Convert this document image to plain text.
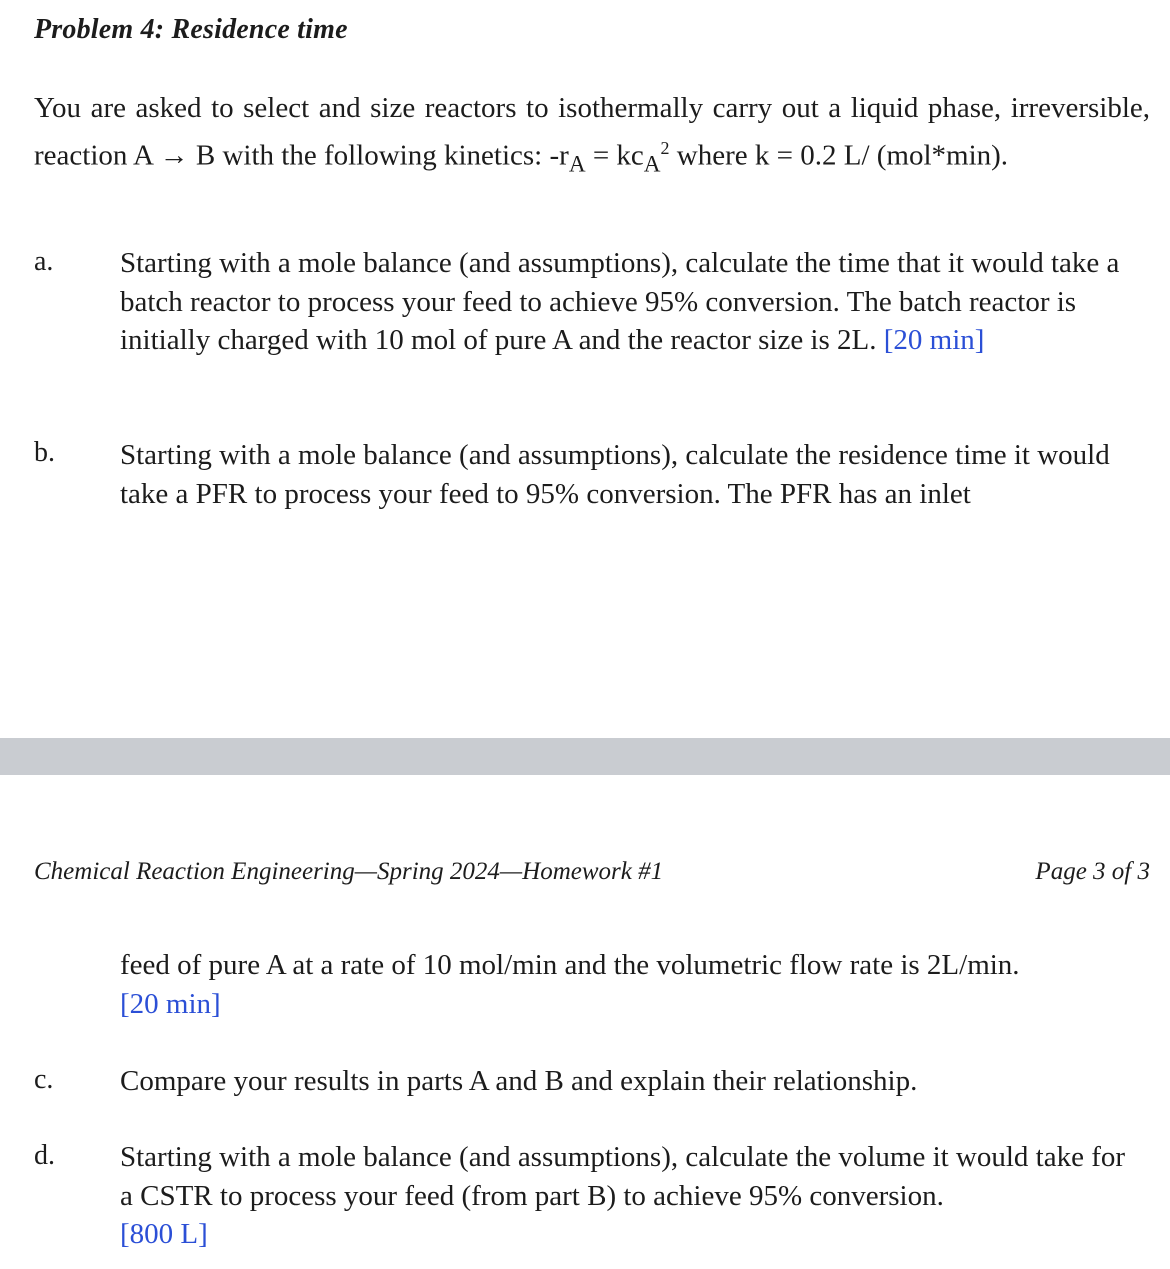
Problem 4: Residence time
You are asked to select and size reactors to isothermally carry out a liquid phase, irreversible, reaction A → B with the following kinetics: $-r_A = kc_A^2$ where k = 0.2 L/ (mol*min).
a. Starting with a mole balance (and assumptions), calculate the time that it would take a batch reactor to process your feed to achieve 95% conversion. The batch reactor is initially charged with 10 mol of pure A and the reactor size is 2L. [20 min]
b. Starting with a mole balance (and assumptions), calculate the residence time it would take a PFR to process your feed to 95% conversion. The PFR has an inlet
Chemical Reaction Engineering—Spring 2024—Homework #1	Page 3 of 3
feed of pure A at a rate of 10 mol/min and the volumetric flow rate is 2L/min.
[20 min]
c. Compare your results in parts A and B and explain their relationship.
d. Starting with a mole balance (and assumptions), calculate the volume it would take for a CSTR to process your feed (from part B) to achieve 95% conversion.
[800 L]
